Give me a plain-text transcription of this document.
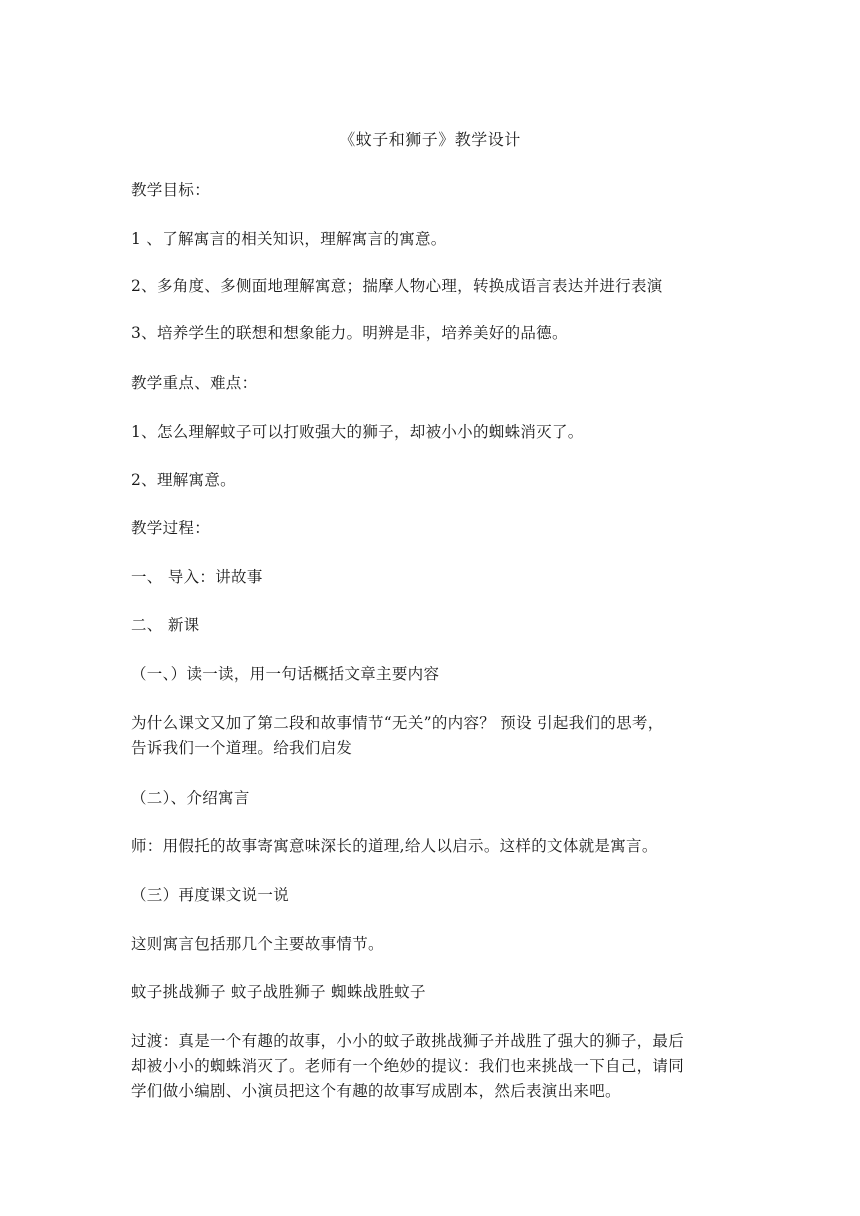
《蚊子和狮子》教学设计
教学目标：
1 、了解寓言的相关知识，理解寓言的寓意。
2、多角度、多侧面地理解寓意；揣摩人物心理，转换成语言表达并进行表演
3、培养学生的联想和想象能力。明辨是非，培养美好的品德。
教学重点、难点：
1、怎么理解蚊子可以打败强大的狮子，却被小小的蜘蛛消灭了。
2、理解寓意。
教学过程：
一、 导入：讲故事
二、 新课
（一、）读一读，用一句话概括文章主要内容
为什么课文又加了第二段和故事情节“无关”的内容？ 预设 引起我们的思考，
告诉我们一个道理。给我们启发
（二）、介绍寓言
师：用假托的故事寄寓意味深长的道理,给人以启示。这样的文体就是寓言。
（三）再度课文说一说
这则寓言包括那几个主要故事情节。
蚊子挑战狮子 蚊子战胜狮子 蜘蛛战胜蚊子
过渡：真是一个有趣的故事，小小的蚊子敢挑战狮子并战胜了强大的狮子，最后
却被小小的蜘蛛消灭了。老师有一个绝妙的提议：我们也来挑战一下自己，请同
学们做小编剧、小演员把这个有趣的故事写成剧本，然后表演出来吧。
